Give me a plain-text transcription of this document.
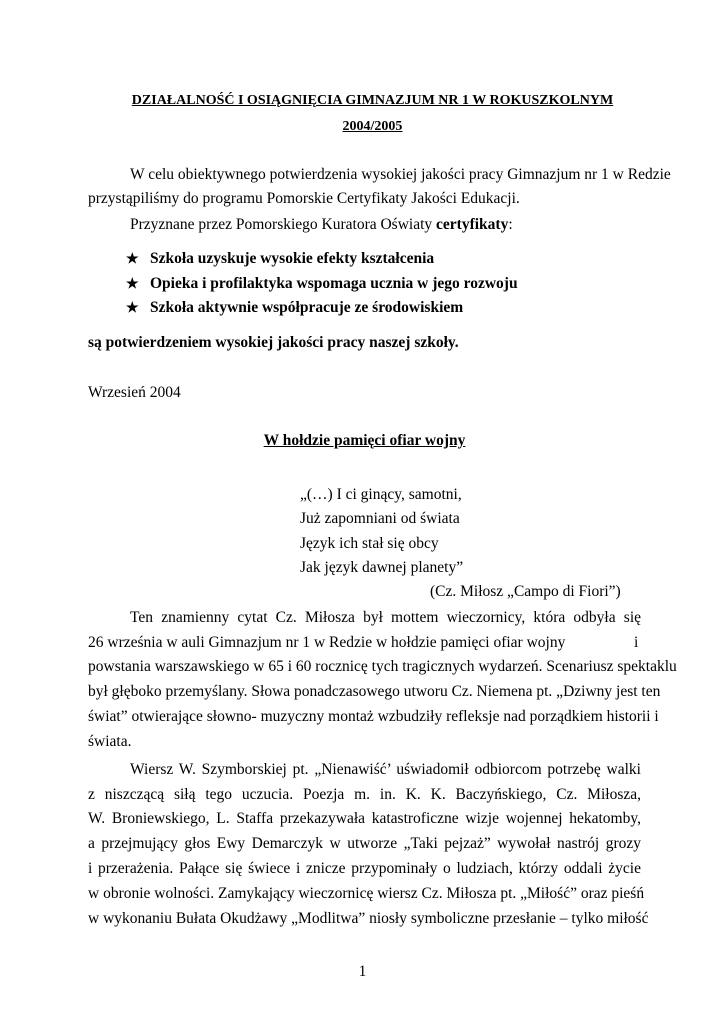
DZIAŁALNOŚĆ I OSIĄGNIĘCIA GIMNAZJUM NR 1 W ROKUSZKOLNYM
2004/2005
W celu obiektywnego potwierdzenia wysokiej jakości pracy Gimnazjum nr 1 w Redzie
przystąpiliśmy do programu Pomorskie Certyfikaty Jakości Edukacji.
Przyznane przez Pomorskiego Kuratora Oświaty certyfikaty:
★ Szkoła uzyskuje wysokie efekty kształcenia
★ Opieka i profilaktyka wspomaga ucznia w jego rozwoju
★ Szkoła aktywnie współpracuje ze środowiskiem
są potwierdzeniem wysokiej jakości pracy naszej szkoły.
Wrzesień 2004
W hołdzie pamięci ofiar wojny
„(…) I ci ginący, samotni,
Już zapomniani od świata
Język ich stał się obcy
Jak język dawnej planety”
(Cz. Miłosz „Campo di Fiori”)
Ten znamienny cytat Cz. Miłosza był mottem wieczornicy, która odbyła się
26 września w auli Gimnazjum nr 1 w Redzie w hołdzie pamięci ofiar wojny	i
powstania warszawskiego w 65 i 60 rocznicę tych tragicznych wydarzeń. Scenariusz spektaklu
był głęboko przemyślany. Słowa ponadczasowego utworu Cz. Niemena pt. „Dziwny jest ten
świat” otwierające słowno- muzyczny montaż wzbudziły refleksje nad porządkiem historii i
świata.
Wiersz W. Szymborskiej pt. „Nienawiść’ uświadomił odbiorcom potrzebę walki
z niszczącą siłą tego uczucia. Poezja m. in. K. K. Baczyńskiego, Cz. Miłosza,
W. Broniewskiego, L. Staffa przekazywała katastroficzne wizje wojennej hekatomby,
a przejmujący głos Ewy Demarczyk w utworze „Taki pejzaż” wywołał nastrój grozy
i przerażenia. Pałące się świece i znicze przypominały o ludziach, którzy oddali życie
w obronie wolności. Zamykający wieczornicę wiersz Cz. Miłosza pt. „Miłość” oraz pieśń
w wykonaniu Bułata Okudżawy „Modlitwa” niosły symboliczne przesłanie – tylko miłość
1
